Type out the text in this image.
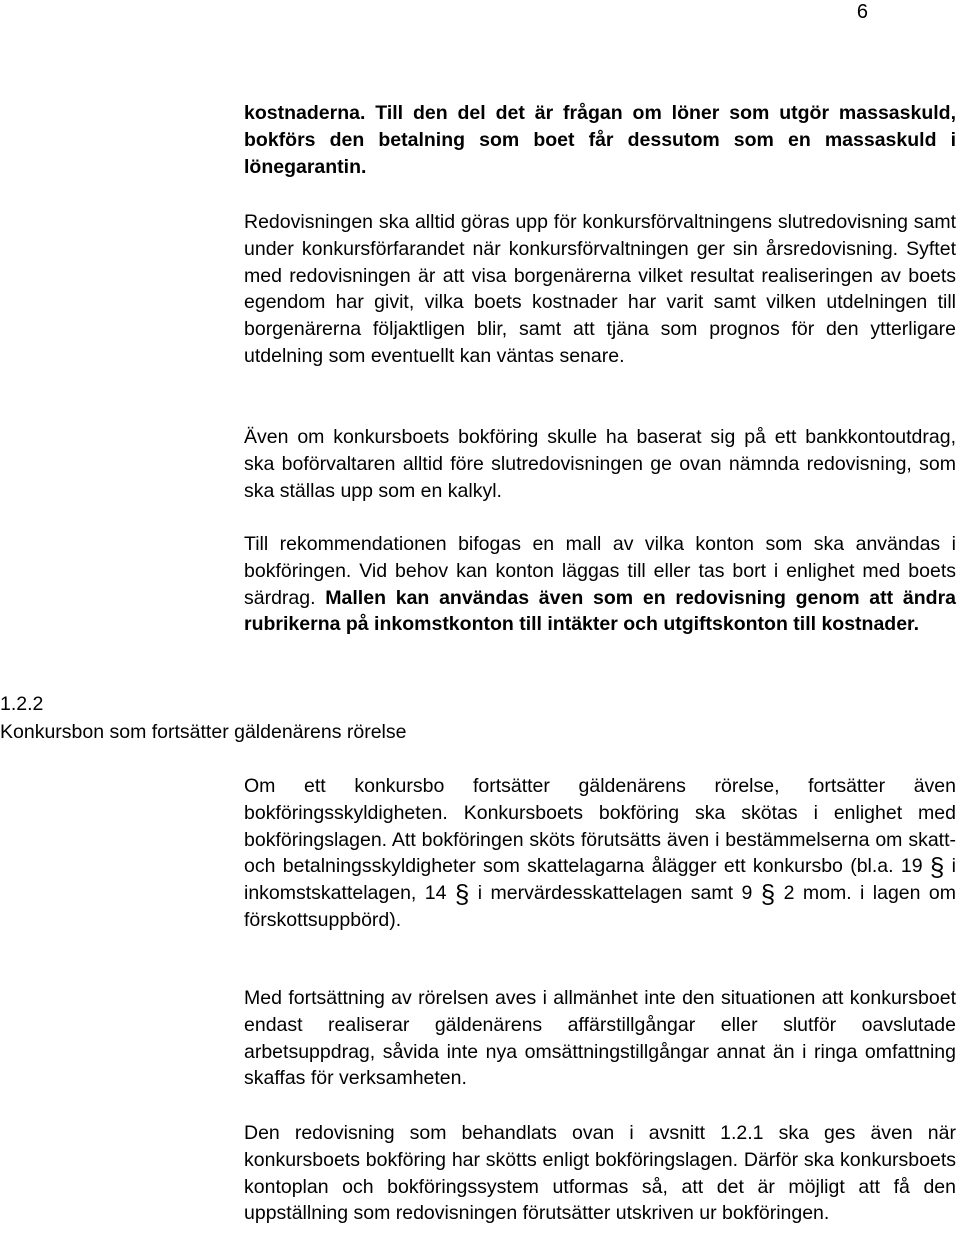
6

kostnaderna. Till den del det är frågan om löner som utgör massaskuld, bokförs den betalning som boet får dessutom som en massaskuld i lönegarantin.

Redovisningen ska alltid göras upp för konkursförvaltningens slutredovisning samt under konkursförfarandet när konkursförvaltningen ger sin årsredovisning. Syftet med redovisningen är att visa borgenärerna vilket resultat realiseringen av boets egendom har givit, vilka boets kostnader har varit samt vilken utdelningen till borgenärerna följaktligen blir, samt att tjäna som prognos för den ytterligare utdelning som eventuellt kan väntas senare.

Även om konkursboets bokföring skulle ha baserat sig på ett bankkontoutdrag, ska boförvaltaren alltid före slutredovisningen ge ovan nämnda redovisning, som ska ställas upp som en kalkyl.

Till rekommendationen bifogas en mall av vilka konton som ska användas i bokföringen. Vid behov kan konton läggas till eller tas bort i enlighet med boets särdrag. Mallen kan användas även som en redovisning genom att ändra rubrikerna på inkomstkonton till intäkter och utgiftskonton till kostnader.

1.2.2
Konkursbon som fortsätter gäldenärens rörelse

Om ett konkursbo fortsätter gäldenärens rörelse, fortsätter även bokföringsskyldigheten. Konkursboets bokföring ska skötas i enlighet med bokföringslagen. Att bokföringen sköts förutsätts även i bestämmelserna om skatt- och betalningsskyldigheter som skattelagarna ålägger ett konkursbo (bl.a. 19 § i inkomstskattelagen, 14 § i mervärdesskattelagen samt 9 § 2 mom. i lagen om förskottsuppbörd).

Med fortsättning av rörelsen aves i allmänhet inte den situationen att konkursboet endast realiserar gäldenärens affärstillgångar eller slutför oavslutade arbetsuppdrag, såvida inte nya omsättningstillgångar annat än i ringa omfattning skaffas för verksamheten.

Den redovisning som behandlats ovan i avsnitt 1.2.1 ska ges även när konkursboets bokföring har skötts enligt bokföringslagen. Därför ska konkursboets kontoplan och bokföringssystem utformas så, att det är möjligt att få den uppställning som redovisningen förutsätter utskriven ur bokföringen.
